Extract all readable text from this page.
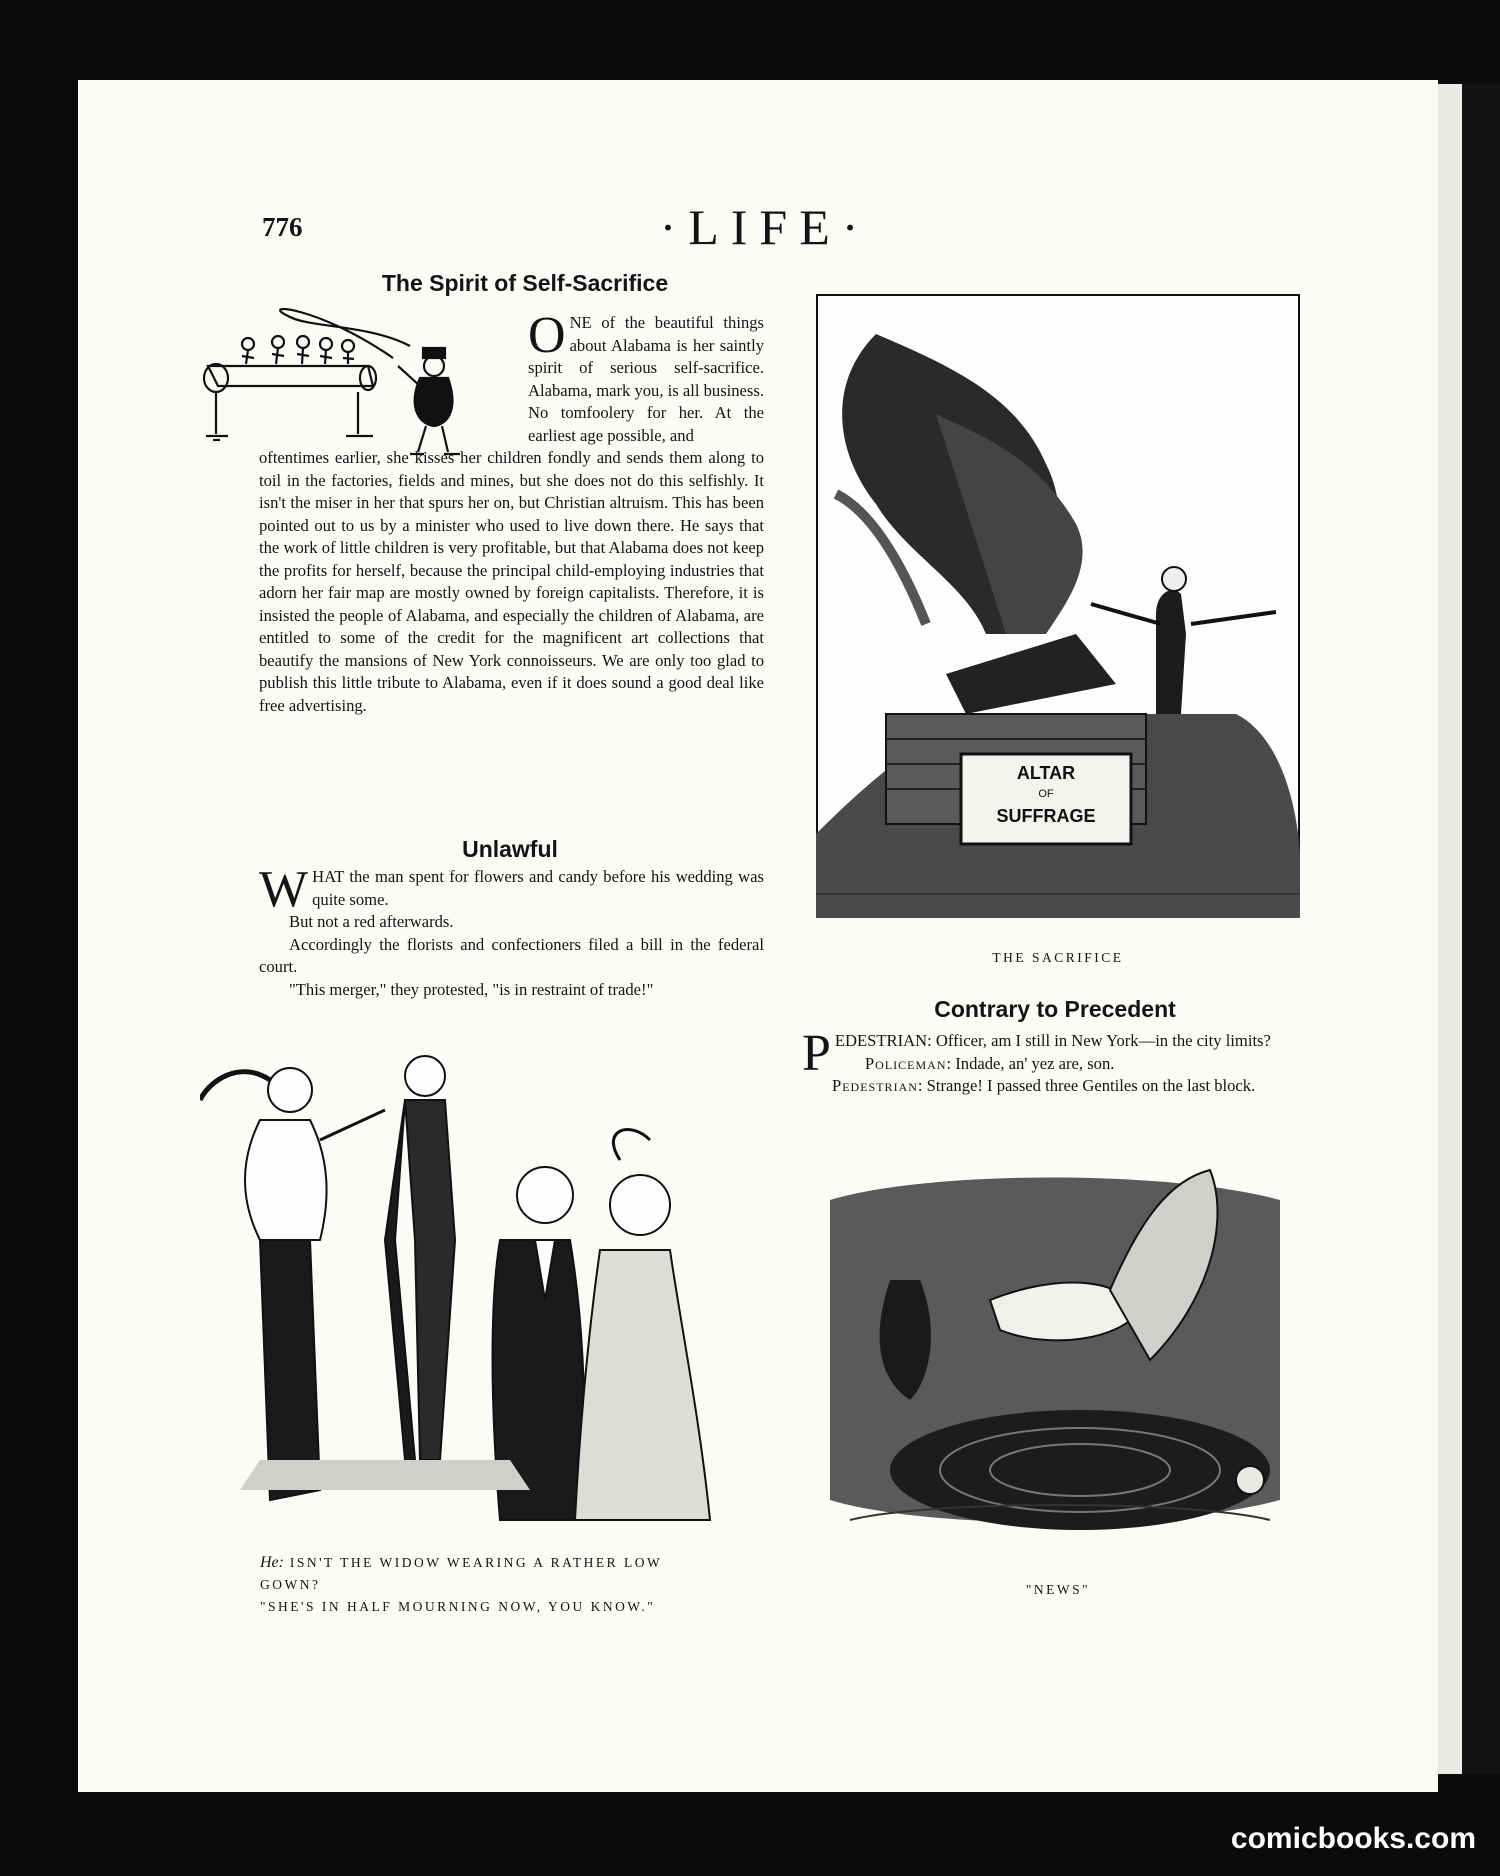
776	·LIFE·
The Spirit of Self-Sacrifice
O NE of the beautiful things about Alabama is her saintly spirit of serious self-sacrifice. Alabama, mark you, is all business. No tomfoolery for her. At the earliest age possible, and
oftentimes earlier, she kisses her children fondly and sends them along to toil in the factories, fields and mines, but she does not do this selfishly. It isn't the miser in her that spurs her on, but Christian altruism. This has been pointed out to us by a minister who used to live down there. He says that the work of little children is very profitable, but that Alabama does not keep the profits for herself, because the principal child-employing industries that adorn her fair map are mostly owned by foreign capitalists. Therefore, it is insisted the people of Alabama, and especially the children of Alabama, are entitled to some of the credit for the magnificent art collections that beautify the mansions of New York connoisseurs. We are only too glad to publish this little tribute to Alabama, even if it does sound a good deal like free advertising.
Unlawful

WHAT the man spent for flowers and candy before his wedding was quite some.

But not a red afterwards.

Accordingly the florists and confectioners filed a bill in the federal court.

"This merger," they protested, "is in restraint of trade!"

ALTAR
OF
SUFFRAGE
THE SACRIFICE
Contrary to Precedent

PEDESTRIAN: Officer, am I still in New York—in the city limits?

Policeman: Indade, an' yez are, son.

Pedestrian: Strange! I passed three Gentiles on the last block.

He: ISN'T THE WIDOW WEARING A RATHER LOW GOWN?
"SHE'S IN HALF MOURNING NOW, YOU KNOW."
"NEWS"
comicbooks.com
